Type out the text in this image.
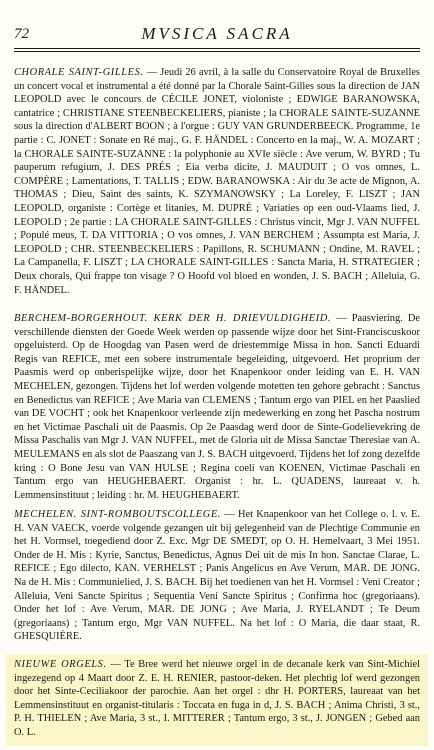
72	MVSICA SACRA

CHORALE SAINT-GILLES. — Jeudi 26 avril, à la salle du Conservatoire Royal de Bruxelles un concert vocal et instrumental a été donné par la Chorale Saint-Gilles sous la direction de JAN LEOPOLD avec le concours de CÉCILE JONET, violoniste ; EDWIGE BARANOWSKA, cantatrice ; CHRISTIANE STEENBECKELIERS, pianiste ; la CHORALE SAINTE-SUZANNE sous la direction d'ALBERT BOON ; à l'orgue : GUY VAN GRUNDERBEECK. Programme, 1e partie : C. JONET : Sonate en Ré maj., G. F. HÄNDEL : Concerto en la maj., W. A. MOZART ; la CHORALE SAINTE-SUZANNE : la polyphonie au XVIe siècle : Ave verum, W. BYRD ; Tu pauperum refugium, J. DES PRÉS ; Eia verba dicite, J. MAUDUIT ; O vos omnes, L. COMPÈRE ; Lamentations, T. TALLIS ; EDW. BARANOWSKA : Air du 3e acte de Mignon, A. THOMAS ; Dieu, Saint des saints, K. SZYMANOWSKY ; La Loreley, F. LISZT ; JAN LEOPOLD, organiste : Cortège et litanies, M. DUPRÉ ; Variaties op een oud-Vlaams lied, J. LEOPOLD ; 2e partie : LA CHORALE SAINT-GILLES : Christus vincit, Mgr J. VAN NUFFEL ; Populé meus, T. DA VITTORIA ; O vos omnes, J. VAN BERCHEM ; Assumpta est Maria, J. LEOPOLD ; CHR. STEENBECKELIERS : Papillons, R. SCHUMANN ; Ondine, M. RAVEL ; La Campanella, F. LISZT ; LA CHORALE SAINT-GILLES : Sancta Maria, H. STRATEGIER ; Deux chorals, Qui frappe ton visage ? O Hoofd vol bloed en wonden, J. S. BACH ; Alleluia, G. F. HÄNDEL.

BERCHEM-BORGERHOUT. KERK DER H. DRIEVULDIGHEID. — Paasviering. De verschillende diensten der Goede Week werden op passende wijze door het Sint-Franciscuskoor opgeluisterd. Op de Hoogdag van Pasen werd de driestemmige Missa in hon. Sancti Eduardi Regis van REFICE, met een sobere instrumentale begeleiding, uitgevoerd. Het proprium der Paasmis werd op onberispelijke wijze, door het Knapenkoor onder leiding van E. H. VAN MECHELEN, gezongen. Tijdens het lof werden volgende motetten ten gehore gebracht : Sanctus en Benedictus van REFICE ; Ave Maria van CLEMENS ; Tantum ergo van PIEL en het Paaslied van DE VOCHT ; ook het Knapenkoor verleende zijn medewerking en zong het Pascha nostrum en het Victimae Paschali uit de Paasmis. Op 2e Paasdag werd door de Sinte-Godelievekring de Missa Paschalis van Mgr J. VAN NUFFEL, met de Gloria uit de Missa Sanctae Theresiae van A. MEULEMANS en als slot de Paaszang van J. S. BACH uitgevoerd. Tijdens het lof zong dezelfde kring : O Bone Jesu van VAN HULSE ; Regina coeli van KOENEN, Victimae Paschali en Tantum ergo van HEUGHEBAERT. Organist : hr. L. QUADENS, laureaat v. h. Lemmensinstituut ; leiding : hr. M. HEUGHEBAERT.

MECHELEN. SINT-ROMBOUTSCOLLEGE. — Het Knapenkoor van het College o. l. v. E. H. VAN VAECK, voerde volgende gezangen uit bij gelegenheid van de Plechtige Communie en het H. Vormsel, toegediend door Z. Exc. Mgr DE SMEDT, op O. H. Hemelvaart, 3 Mei 1951. Onder de H. Mis : Kyrie, Sanctus, Benedictus, Agnus Dei uit de mis In hon. Sanctae Clarae, L. REFICE ; Ego dilecto, KAN. VERHELST ; Panis Angelicus en Ave Verum, MAR. DE JONG. Na de H. Mis : Communielied, J. S. BACH. Bij het toedienen van het H. Vormsel : Veni Creator ; Alleluia, Veni Sancte Spiritus ; Sequentia Veni Sancte Spiritus ; Confirma hoc (gregoriaans). Onder het lof : Ave Verum, MAR. DE JONG ; Ave Maria, J. RYELANDT ; Te Deum (gregoriaans) ; Tantum ergo, Mgr VAN NUFFEL. Na het lof : O Maria, die daar staat, R. GHESQUIÈRE.

NIEUWE ORGELS. — Te Bree werd het nieuwe orgel in de decanale kerk van Sint-Michiel ingezegend op 4 Maart door Z. E. H. RENIER, pastoor-deken. Het plechtig lof werd gezongen door het Sinte-Ceciliakoor der parochie. Aan het orgel : dhr H. PORTERS, laureaat van het Lemmensinstituut en organist-titularis : Toccata en fuga in d, J. S. BACH ; Anima Christi, 3 st., P. H. THIELEN ; Ave Maria, 3 st., I. MITTERER ; Tantum ergo, 3 st., J. JONGEN ; Gebed aan O. L.
